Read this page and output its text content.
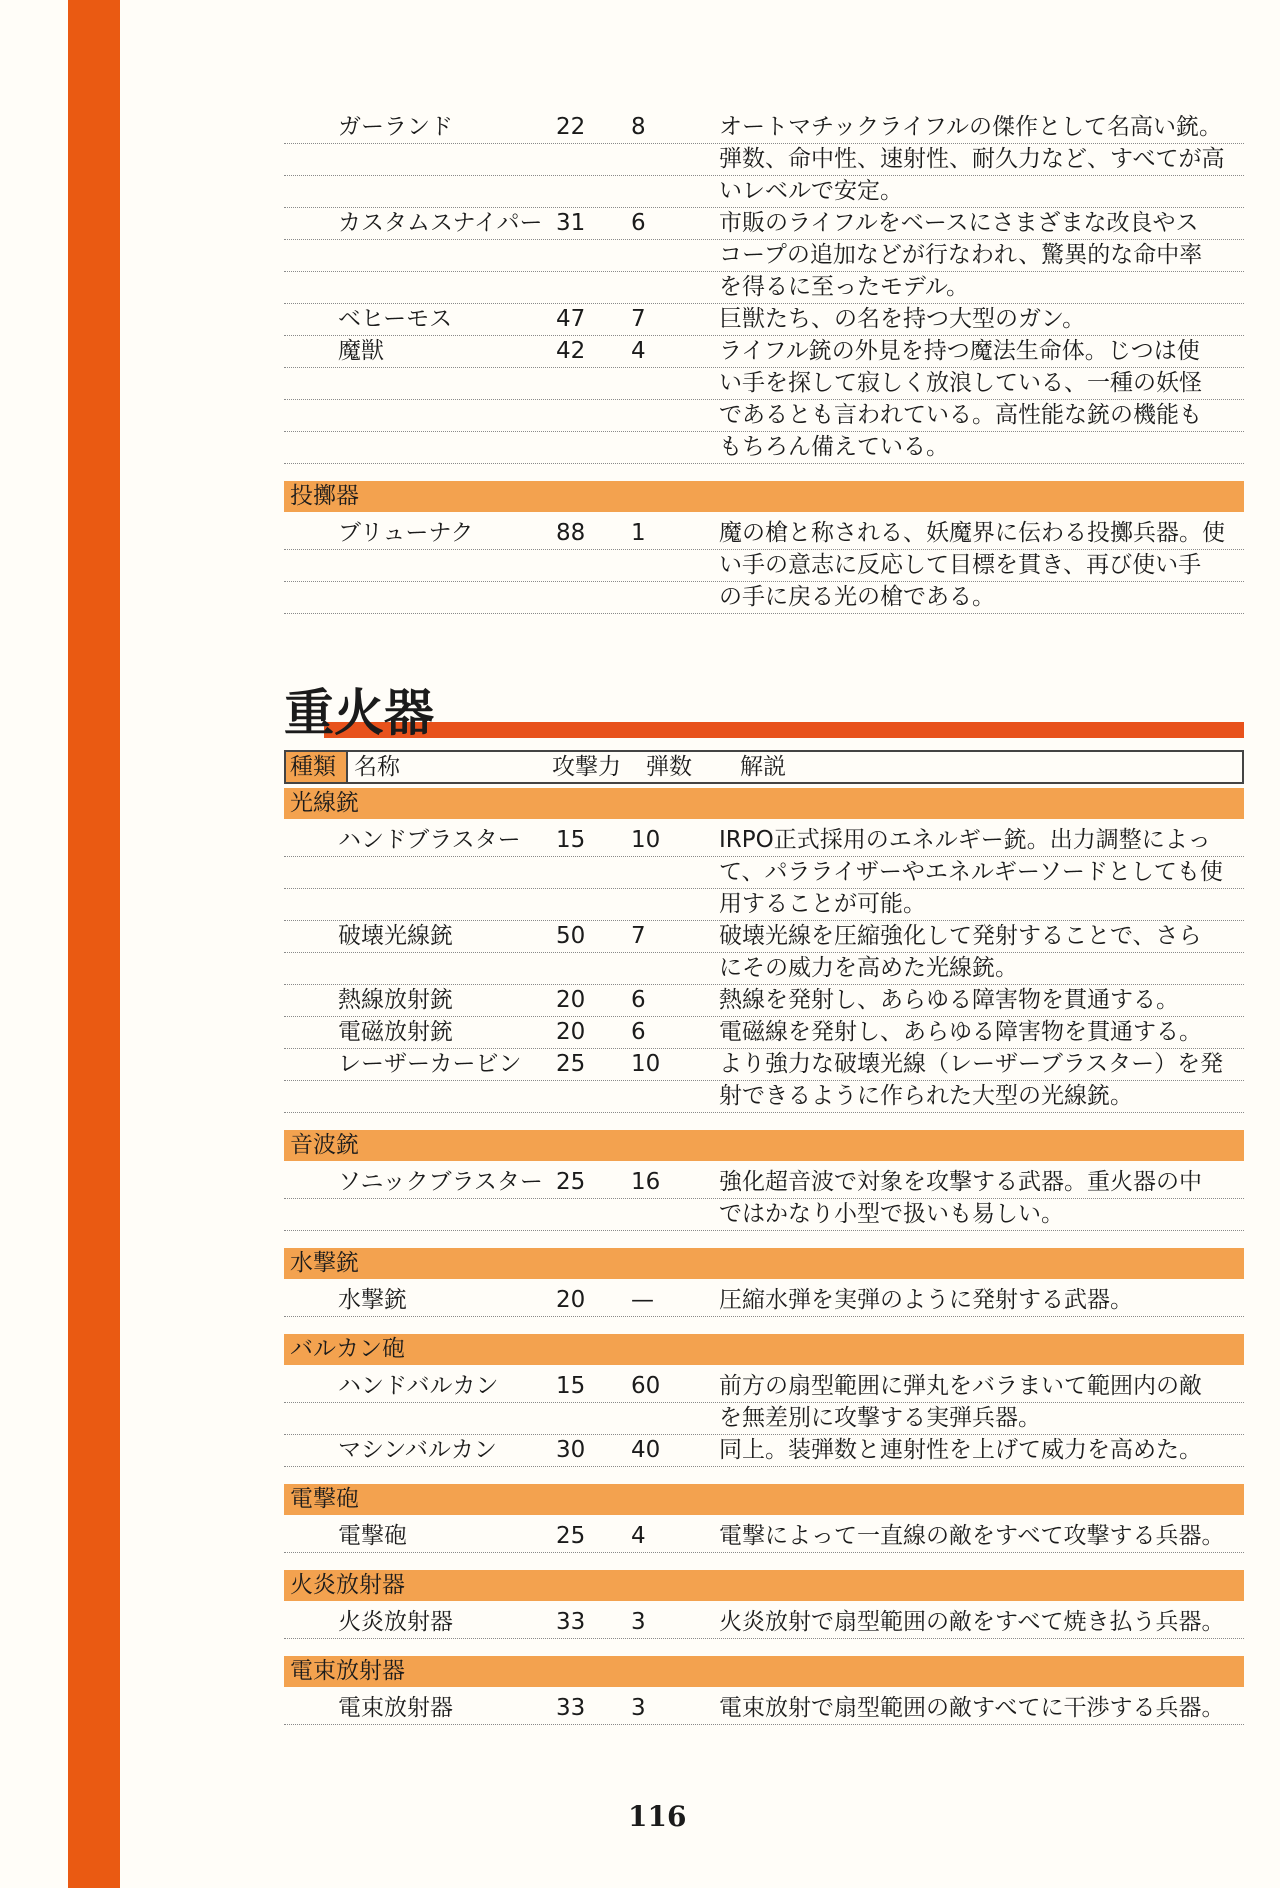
ガーランド	22	8	オートマチックライフルの傑作として名高い銃。
弾数、命中性、速射性、耐久力など、すべてが高
いレベルで安定。
カスタムスナイパー 31	6	市販のライフルをベースにさまざまな改良やス
コープの追加などが行なわれ、驚異的な命中率
を得るに至ったモデル。
ベヒーモス	47	7	巨獣たち、の名を持つ大型のガン。
魔獣	42	4	ライフル銃の外見を持つ魔法生命体。じつは使
い手を探して寂しく放浪している、一種の妖怪
であるとも言われている。高性能な銃の機能も
もちろん備えている。
投擲器
ブリューナク	88	1	魔の槍と称される、妖魔界に伝わる投擲兵器。使
い手の意志に反応して目標を貫き、再び使い手
の手に戻る光の槍である。
重火器
種類 名称	攻撃力	弾数	解説
光線銃
ハンドブラスター	15	10	IRPO正式採用のエネルギー銃。出力調整によっ
て、パラライザーやエネルギーソードとしても使
用することが可能。
破壊光線銃	50	7	破壊光線を圧縮強化して発射することで、さら
にその威力を高めた光線銃。
熱線放射銃	20	6	熱線を発射し、あらゆる障害物を貫通する。
電磁放射銃	20	6	電磁線を発射し、あらゆる障害物を貫通する。
レーザーカービン	25	10	より強力な破壊光線（レーザーブラスター）を発
射できるように作られた大型の光線銃。
音波銃
ソニックブラスター 25	16	強化超音波で対象を攻撃する武器。重火器の中
ではかなり小型で扱いも易しい。
水撃銃
水撃銃	20	—	圧縮水弾を実弾のように発射する武器。
バルカン砲
ハンドバルカン	15	60	前方の扇型範囲に弾丸をバラまいて範囲内の敵
を無差別に攻撃する実弾兵器。
マシンバルカン	30	40	同上。装弾数と連射性を上げて威力を高めた。
電撃砲
電撃砲	25	4	電撃によって一直線の敵をすべて攻撃する兵器。
火炎放射器
火炎放射器	33	3	火炎放射で扇型範囲の敵をすべて焼き払う兵器。
電束放射器
電束放射器	33	3	電束放射で扇型範囲の敵すべてに干渉する兵器。
116
